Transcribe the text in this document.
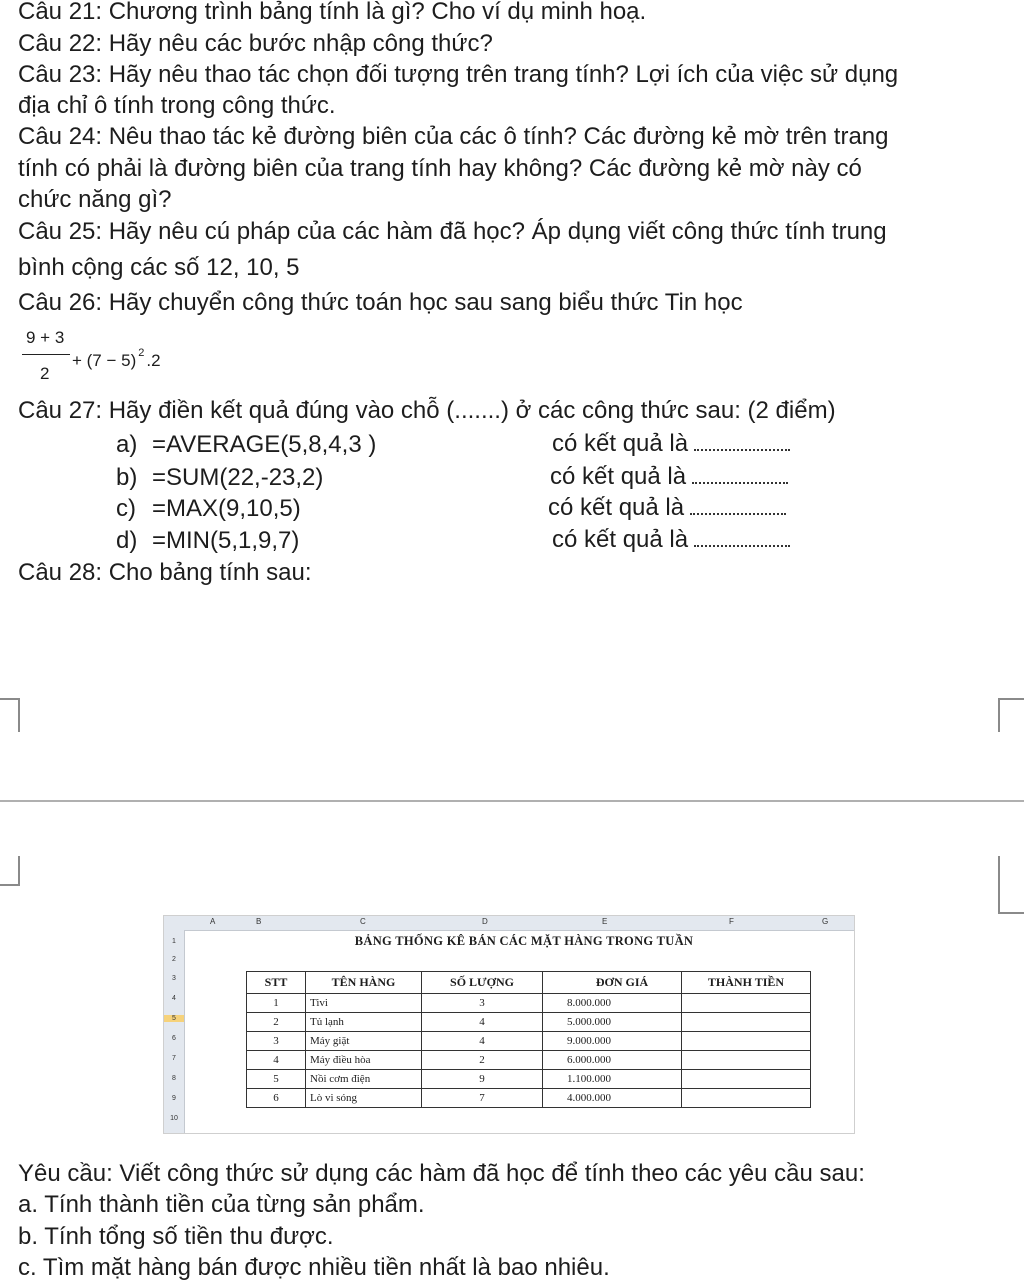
Câu 21: Chương trình bảng tính là gì? Cho ví dụ minh hoạ.
Câu 22: Hãy nêu các bước nhập công thức?
Câu 23: Hãy nêu thao tác chọn đối tượng trên trang tính? Lợi ích của việc sử dụng
địa chỉ ô tính trong công thức.
Câu 24: Nêu thao tác kẻ đường biên của các ô tính? Các đường kẻ mờ trên trang
tính có phải là đường biên của trang tính hay không? Các đường kẻ mờ này có
chức năng gì?
Câu 25: Hãy nêu cú pháp của các hàm đã học? Áp dụng viết công thức tính trung
bình cộng các số 12, 10, 5
Câu 26: Hãy chuyển công thức toán học sau sang biểu thức Tin học
9 + 3
2
+ (7 − 5) $^2$ .2
Câu 27: Hãy điền kết quả đúng vào chỗ (.......) ở các công thức sau: (2 điểm)
a) =AVERAGE(5,8,4,3 )	có kết quả là
b) =SUM(22,-23,2)	có kết quả là
c) =MAX(9,10,5)	có kết quả là
d) =MIN(5,1,9,7)	có kết quả là
Câu 28: Cho bảng tính sau:
A	B	C	D	E	F	G
1
2
3
4
5
6
7
8
9
10
BẢNG THỐNG KÊ BÁN CÁC MẶT HÀNG TRONG TUẦN
STT	TÊN HÀNG	SỐ LƯỢNG	ĐƠN GIÁ	THÀNH TIỀN
1	Tivi	3	8.000.000	
2	Tủ lạnh	4	5.000.000	
3	Máy giặt	4	9.000.000	
4	Máy điều hòa	2	6.000.000	
5	Nồi cơm điện	9	1.100.000	
6	Lò vi sóng	7	4.000.000	
Yêu cầu: Viết công thức sử dụng các hàm đã học để tính theo các yêu cầu sau:
a. Tính thành tiền của từng sản phẩm.
b. Tính tổng số tiền thu được.
c. Tìm mặt hàng bán được nhiều tiền nhất là bao nhiêu.
